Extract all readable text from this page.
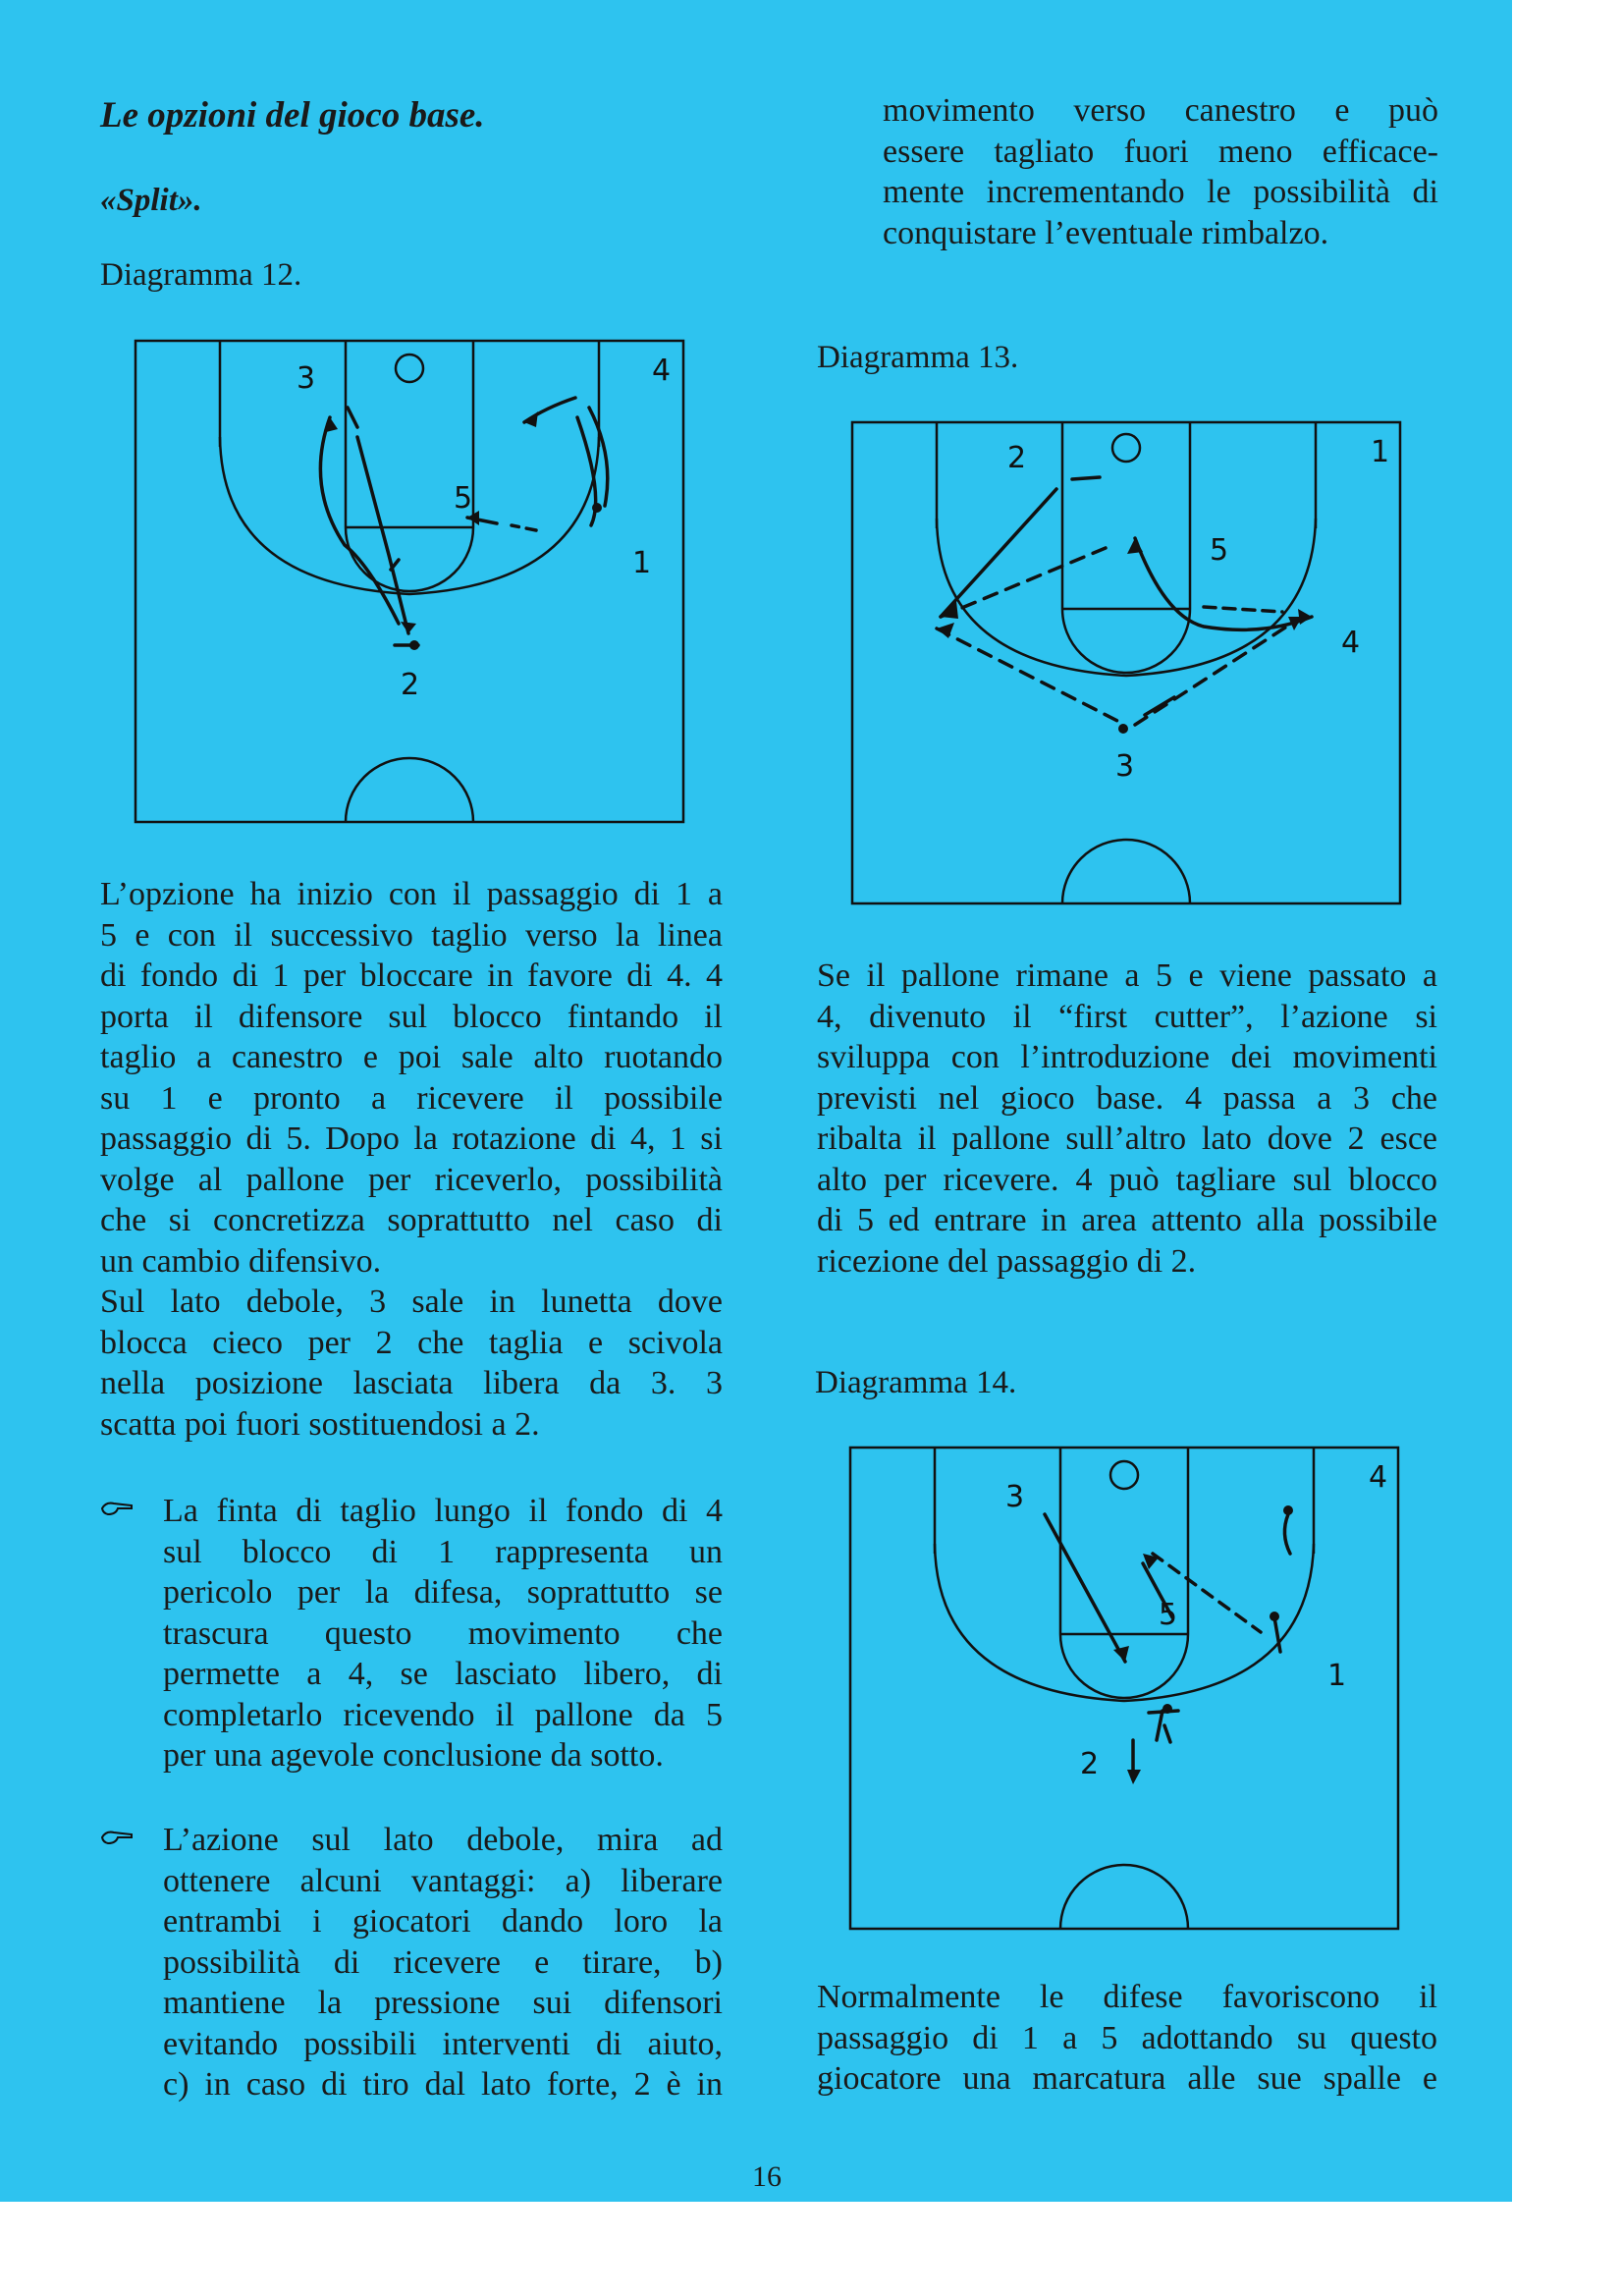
Le opzioni del gioco base.
«Split».
Diagramma 12.
3	4
5
1
2
L’opzione ha inizio con il passaggio di 1 a
5 e con il successivo taglio verso la linea
di fondo di 1 per bloccare in favore di 4. 4
porta il difensore sul blocco fintando il
taglio a canestro e poi sale alto ruotando
su 1 e pronto a ricevere il possibile
passaggio di 5. Dopo la rotazione di 4, 1 si
volge al pallone per riceverlo, possibilità
che si concretizza soprattutto nel caso di
un cambio difensivo.
Sul lato debole, 3 sale in lunetta dove
blocca cieco per 2 che taglia e scivola
nella posizione lasciata libera da 3. 3
scatta poi fuori sostituendosi a 2.
La finta di taglio lungo il fondo di 4
sul blocco di 1 rappresenta un
pericolo per la difesa, soprattutto se
trascura questo movimento che
permette a 4, se lasciato libero, di
completarlo ricevendo il pallone da 5
per una agevole conclusione da sotto.
L’azione sul lato debole, mira ad
ottenere alcuni vantaggi: a) liberare
entrambi i giocatori dando loro la
possibilità di ricevere e tirare, b)
mantiene la pressione sui difensori
evitando possibili interventi di aiuto,
c) in caso di tiro dal lato forte, 2 è in
movimento verso canestro e può
essere tagliato fuori meno efficace-
mente incrementando le possibilità di
conquistare l’eventuale rimbalzo.
Diagramma 13.
2	1
5
4
3
Se il pallone rimane a 5 e viene passato a
4, divenuto il “first cutter”, l’azione si
sviluppa con l’introduzione dei movimenti
previsti nel gioco base. 4 passa a 3 che
ribalta il pallone sull’altro lato dove 2 esce
alto per ricevere. 4 può tagliare sul blocco
di 5 ed entrare in area attento alla possibile
ricezione del passaggio di 2.
Diagramma 14.
3
4
5
1
2
Normalmente le difese favoriscono il
passaggio di 1 a 5 adottando su questo
giocatore una marcatura alle sue spalle e
16
